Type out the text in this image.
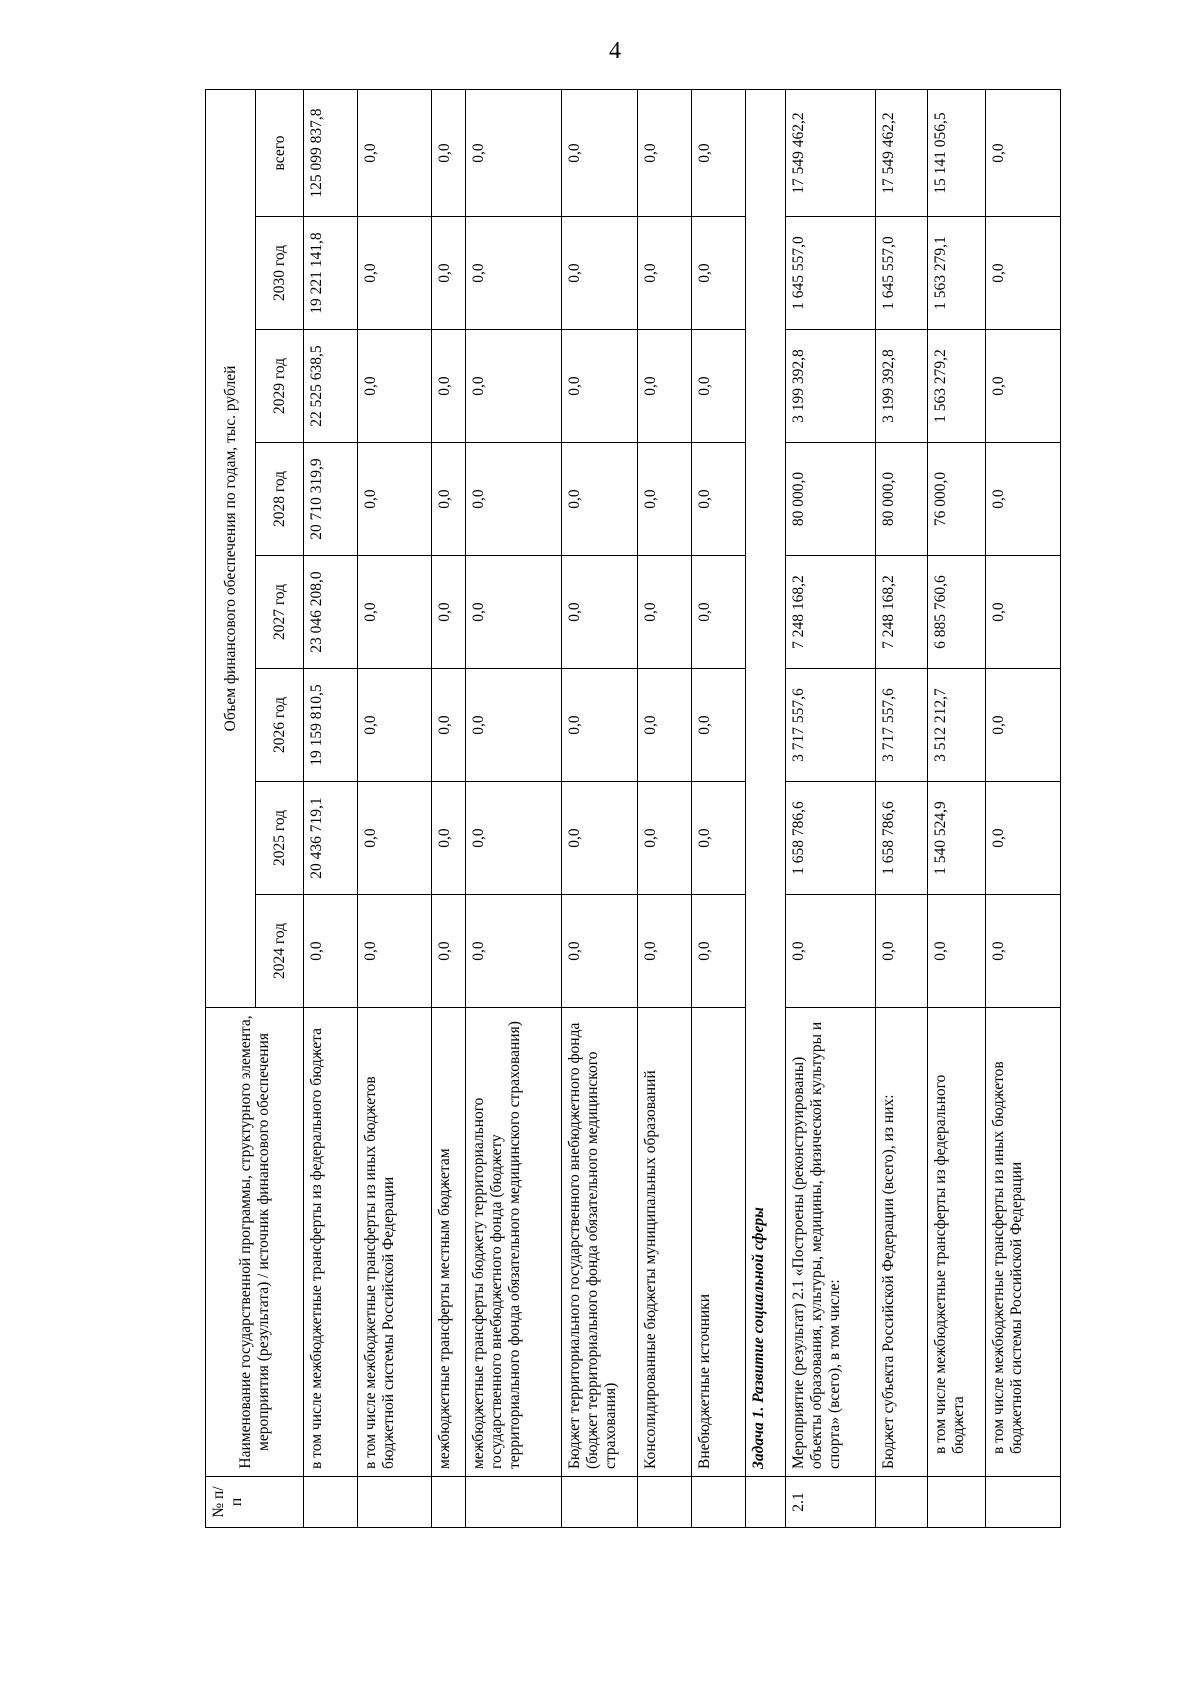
4
№ п/п	Наименование государственной программы, структурного элемента, мероприятия (результата) / источник финансового обеспечения	Объем финансового обеспечения по годам, тыс. рублей							
		2024 год	2025 год	2026 год	2027 год	2028 год	2029 год	2030 год	всего
	в том числе межбюджетные трансферты из федерального бюджета	0,0	20 436 719,1	19 159 810,5	23 046 208,0	20 710 319,9	22 525 638,5	19 221 141,8	125 099 837,8
	в том числе межбюджетные трансферты из иных бюджетов бюджетной системы Российской Федерации	0,0	0,0	0,0	0,0	0,0	0,0	0,0	0,0
	межбюджетные трансферты местным бюджетам	0,0	0,0	0,0	0,0	0,0	0,0	0,0	0,0
	межбюджетные трансферты бюджету территориального государственного внебюджетного фонда (бюджету территориального фонда обязательного медицинского страхования)	0,0	0,0	0,0	0,0	0,0	0,0	0,0	0,0
	Бюджет территориального государственного внебюджетного фонда (бюджет территориального фонда обязательного медицинского страхования)	0,0	0,0	0,0	0,0	0,0	0,0	0,0	0,0
	Консолидированные бюджеты муниципальных образований	0,0	0,0	0,0	0,0	0,0	0,0	0,0	0,0
	Внебюджетные источники	0,0	0,0	0,0	0,0	0,0	0,0	0,0	0,0
	Задача 1. Развитие социальной сферы								
2.1	Мероприятие (результат) 2.1 «Построены (реконструированы) объекты образования, культуры, медицины, физической культуры и спорта» (всего), в том числе:	0,0	1 658 786,6	3 717 557,6	7 248 168,2	80 000,0	3 199 392,8	1 645 557,0	17 549 462,2
	Бюджет субъекта Российской Федерации (всего), из них:	0,0	1 658 786,6	3 717 557,6	7 248 168,2	80 000,0	3 199 392,8	1 645 557,0	17 549 462,2
	в том числе межбюджетные трансферты из федерального бюджета	0,0	1 540 524,9	3 512 212,7	6 885 760,6	76 000,0	1 563 279,2	1 563 279,1	15 141 056,5
	в том числе межбюджетные трансферты из иных бюджетов бюджетной системы Российской Федерации	0,0	0,0	0,0	0,0	0,0	0,0	0,0	0,0
